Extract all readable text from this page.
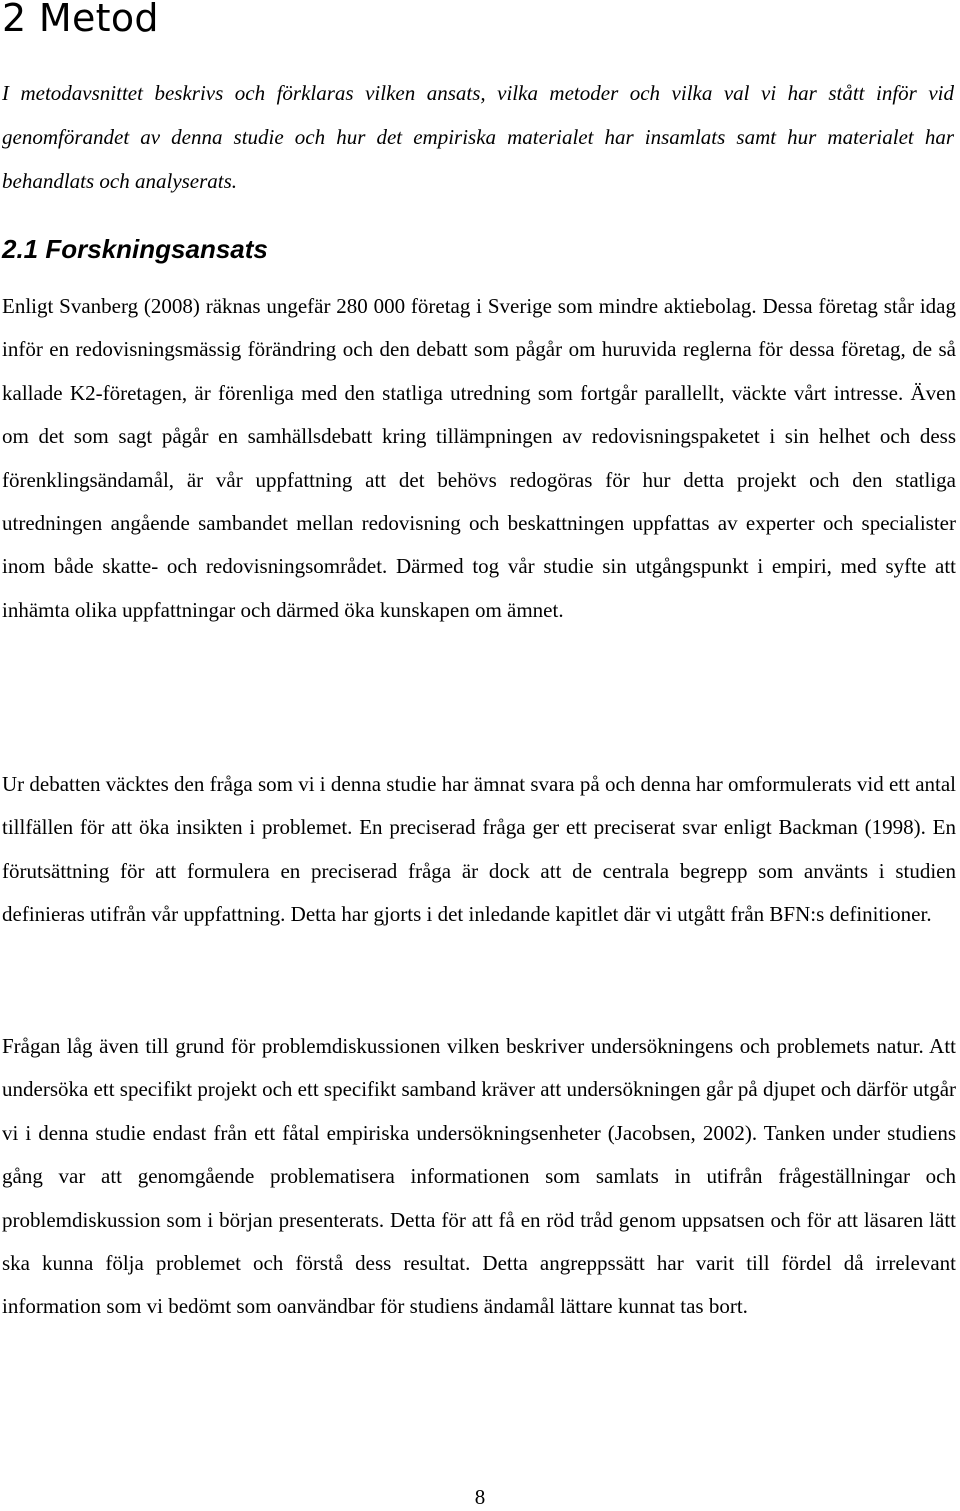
2 Metod

I metodavsnittet beskrivs och förklaras vilken ansats, vilka metoder och vilka val vi har stått inför vid genomförandet av denna studie och hur det empiriska materialet har insamlats samt hur materialet har behandlats och analyserats.

2.1 Forskningsansats

Enligt Svanberg (2008) räknas ungefär 280 000 företag i Sverige som mindre aktiebolag. Dessa företag står idag inför en redovisningsmässig förändring och den debatt som pågår om huruvida reglerna för dessa företag, de så kallade K2-företagen, är förenliga med den statliga utredning som fortgår parallellt, väckte vårt intresse. Även om det som sagt pågår en samhällsdebatt kring tillämpningen av redovisningspaketet i sin helhet och dess förenklingsändamål, är vår uppfattning att det behövs redogöras för hur detta projekt och den statliga utredningen angående sambandet mellan redovisning och beskattningen uppfattas av experter och specialister inom både skatte- och redovisningsområdet. Därmed tog vår studie sin utgångspunkt i empiri, med syfte att inhämta olika uppfattningar och därmed öka kunskapen om ämnet.

Ur debatten väcktes den fråga som vi i denna studie har ämnat svara på och denna har omformulerats vid ett antal tillfällen för att öka insikten i problemet. En preciserad fråga ger ett preciserat svar enligt Backman (1998). En förutsättning för att formulera en preciserad fråga är dock att de centrala begrepp som använts i studien definieras utifrån vår uppfattning. Detta har gjorts i det inledande kapitlet där vi utgått från BFN:s definitioner.

Frågan låg även till grund för problemdiskussionen vilken beskriver undersökningens och problemets natur. Att undersöka ett specifikt projekt och ett specifikt samband kräver att undersökningen går på djupet och därför utgår vi i denna studie endast från ett fåtal empiriska undersökningsenheter (Jacobsen, 2002). Tanken under studiens gång var att genomgående problematisera informationen som samlats in utifrån frågeställningar och problemdiskussion som i början presenterats. Detta för att få en röd tråd genom uppsatsen och för att läsaren lätt ska kunna följa problemet och förstå dess resultat. Detta angreppssätt har varit till fördel då irrelevant information som vi bedömt som oanvändbar för studiens ändamål lättare kunnat tas bort.

8
